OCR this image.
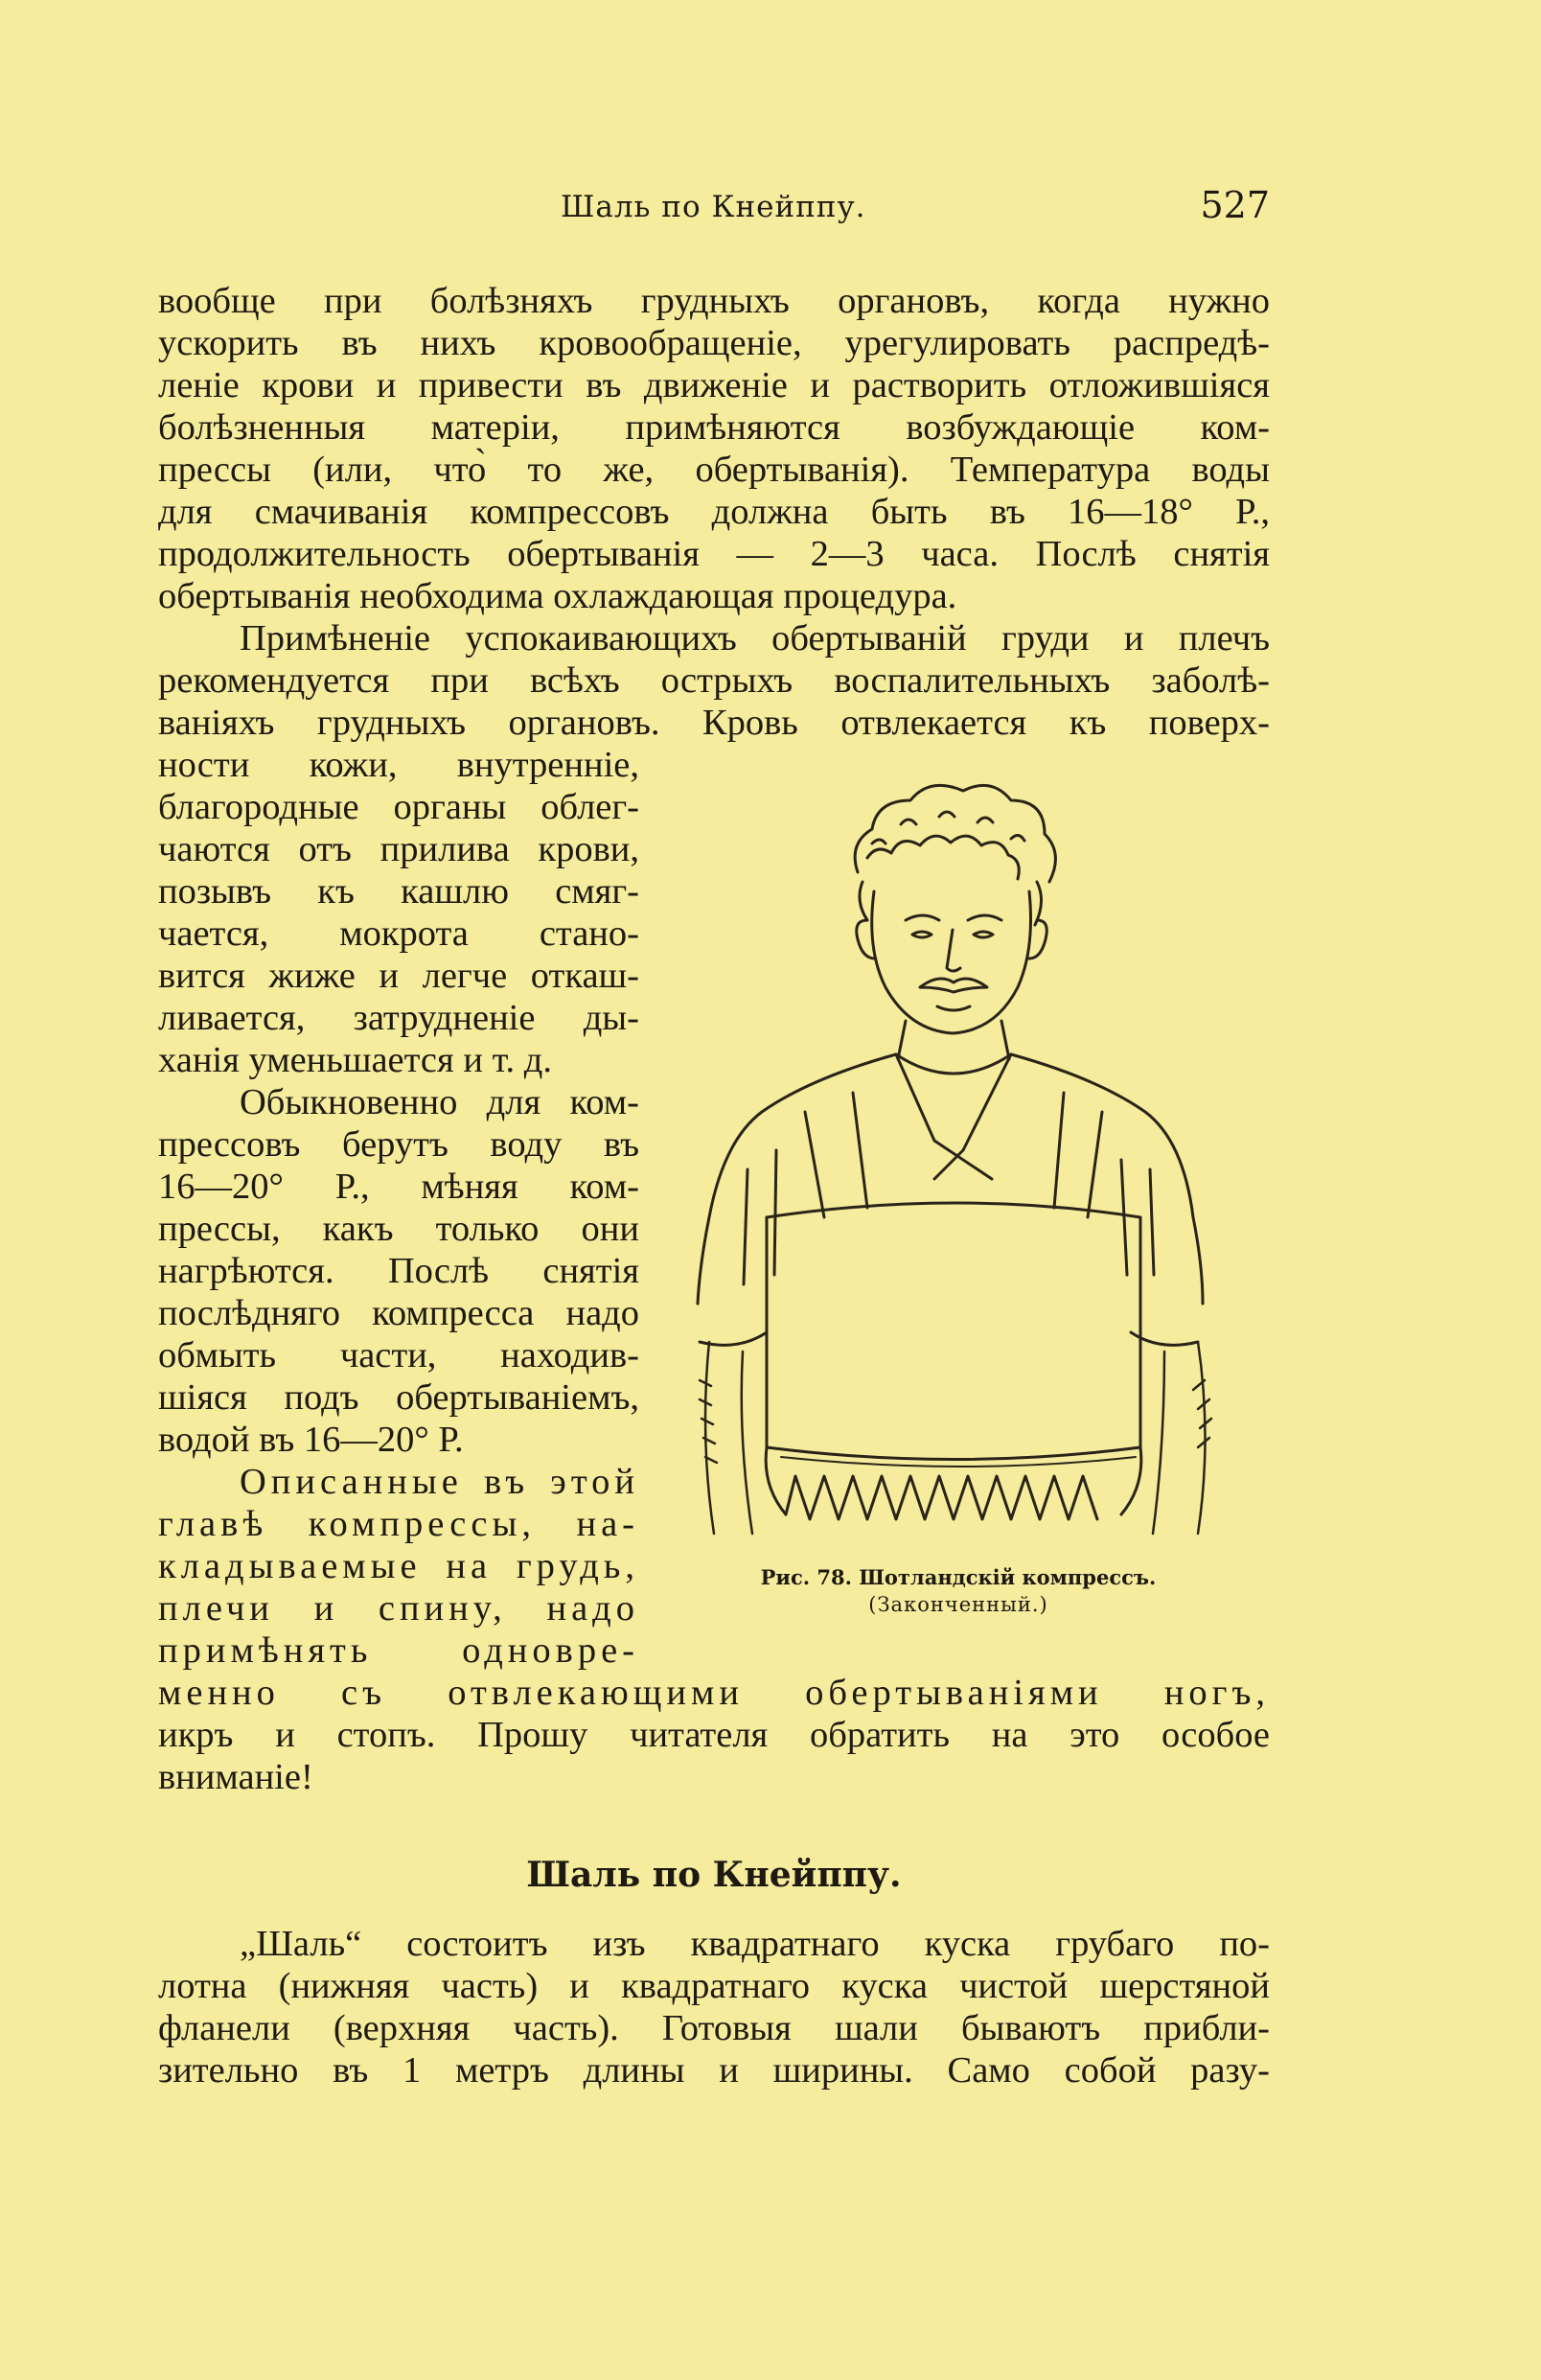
Шаль по Кнейппу.	527
вообще при болѣзняхъ грудныхъ органовъ, когда нужно
ускорить въ нихъ кровообращеніе, урегулировать распредѣ-
леніе крови и привести въ движеніе и растворить отложившіяся
болѣзненныя матеріи, примѣняются возбуждающіе ком-
прессы (или, что̀ то же, обертыванія). Температура воды
для смачиванія компрессовъ должна быть въ 16—18° Р.,
продолжительность обертыванія — 2—3 часа. Послѣ снятія
обертыванія необходима охлаждающая процедура.
Примѣненіе успокаивающихъ обертываній груди и плечъ
рекомендуется при всѣхъ острыхъ воспалительныхъ заболѣ-
ваніяхъ грудныхъ органовъ. Кровь отвлекается къ поверх-
ности кожи, внутренніе,
благородные органы облег-
чаются отъ прилива крови,
позывъ къ кашлю смяг-
чается, мокрота стано-
вится жиже и легче откаш-
ливается, затрудненіе ды-
ханія уменьшается и т. д.
Обыкновенно для ком-
прессовъ берутъ воду въ
16—20° Р., мѣняя ком-
прессы, какъ только они
нагрѣются. Послѣ снятія
послѣдняго компресса надо
обмыть части, находив-
шіяся подъ обертываніемъ,
водой въ 16—20° Р.
Описанные въ этой
главѣ компрессы, на-
кладываемые на грудь,
плечи и спину, надо
примѣнять одновре-
менно съ отвлекающими обертываніями ногъ,
икръ и стопъ. Прошу читателя обратить на это особое
вниманіе!
„Шаль“ состоитъ изъ квадратнаго куска грубаго по-
лотна (нижняя часть) и квадратнаго куска чистой шерстяной
фланели (верхняя часть). Готовыя шали бываютъ прибли-
зительно въ 1 метръ длины и ширины. Само собой разу-
Рис. 78. Шотландскій компрессъ.
(Законченный.)
Шаль по Кнейппу.
